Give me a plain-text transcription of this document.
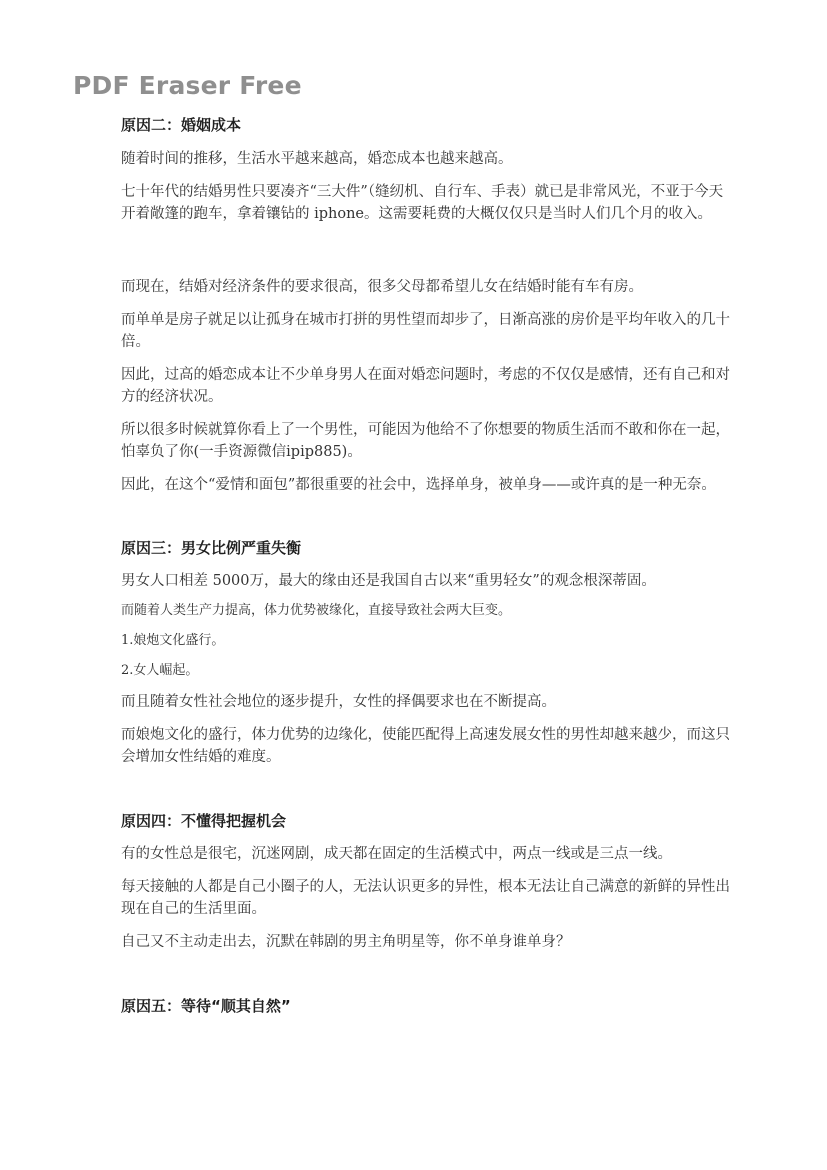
PDF Eraser Free

原因二：婚姻成本

随着时间的推移，生活水平越来越高，婚恋成本也越来越高。

七十年代的结婚男性只要凑齐“三大件”（缝纫机、自行车、手表）就已是非常风光，不亚于今天开着敞篷的跑车，拿着镶钻的 iphone。这需要耗费的大概仅仅只是当时人们几个月的收入。

而现在，结婚对经济条件的要求很高，很多父母都希望儿女在结婚时能有车有房。

而单单是房子就足以让孤身在城市打拼的男性望而却步了，日渐高涨的房价是平均年收入的几十倍。

因此，过高的婚恋成本让不少单身男人在面对婚恋问题时，考虑的不仅仅是感情，还有自己和对方的经济状况。

所以很多时候就算你看上了一个男性，可能因为他给不了你想要的物质生活而不敢和你在一起，怕辜负了你(一手资源微信ipip885)。

因此，在这个“爱情和面包”都很重要的社会中，选择单身，被单身——或许真的是一种无奈。

原因三：男女比例严重失衡

男女人口相差 5000万，最大的缘由还是我国自古以来“重男轻女”的观念根深蒂固。

而随着人类生产力提高，体力优势被缘化，直接导致社会两大巨变。

1.娘炮文化盛行。

2.女人崛起。

而且随着女性社会地位的逐步提升，女性的择偶要求也在不断提高。

而娘炮文化的盛行，体力优势的边缘化，使能匹配得上高速发展女性的男性却越来越少，而这只会增加女性结婚的难度。

原因四：不懂得把握机会

有的女性总是很宅，沉迷网剧，成天都在固定的生活模式中，两点一线或是三点一线。

每天接触的人都是自己小圈子的人，无法认识更多的异性，根本无法让自己满意的新鲜的异性出现在自己的生活里面。

自己又不主动走出去，沉默在韩剧的男主角明星等，你不单身谁单身？

原因五：等待“顺其自然”
